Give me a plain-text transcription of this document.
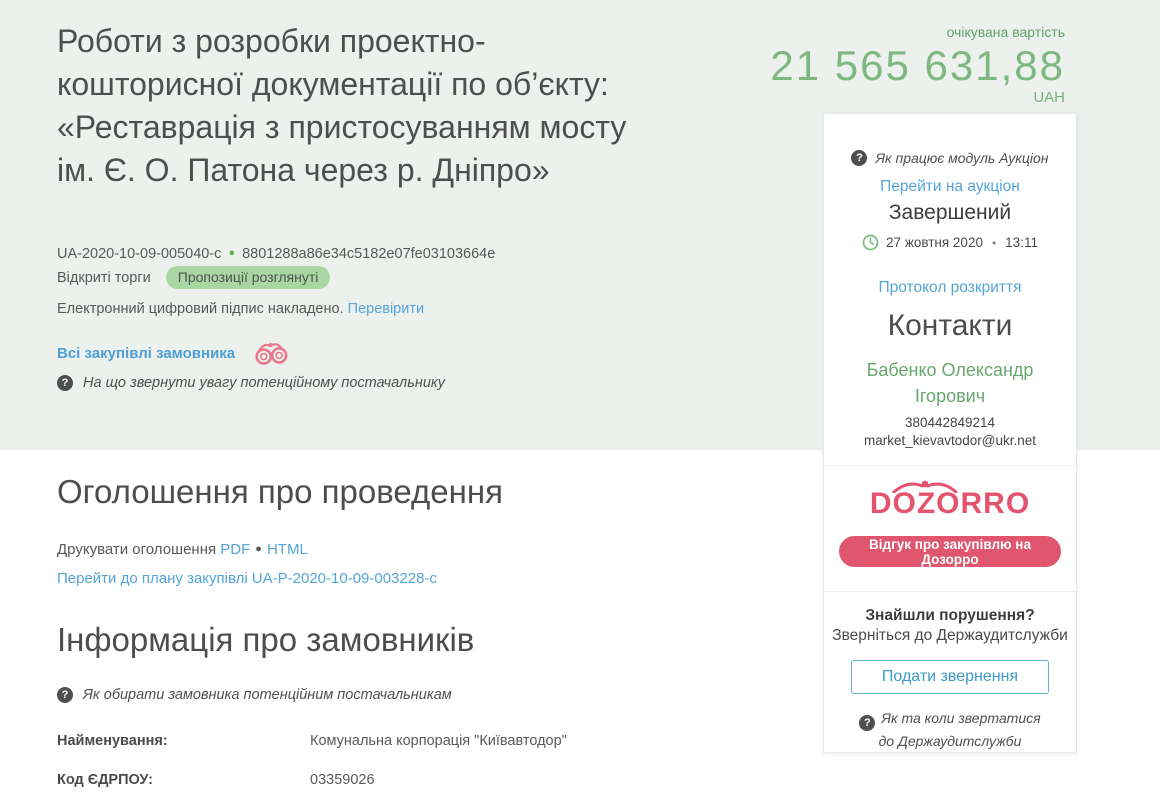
Роботи з розробки проектно-кошторисної документації по об’єкту: «Реставрація з пристосуванням мосту ім. Є. О. Патона через р. Дніпро»
очікувана вартість
21 565 631,88
UAH
UA-2020-10-09-005040-c ● 8801288a86e34c5182e07fe03103664e
Відкриті торги	Пропозиції розглянуті
Електронний цифровий підпис накладено. Перевірити
Всі закупівлі замовника
?	На що звернути увагу потенційному постачальнику
Оголошення про проведення
Друкувати оголошення PDF ● HTML
Перейти до плану закупівлі UA-P-2020-10-09-003228-c
Інформація про замовників
?	Як обирати замовника потенційним постачальникам
Найменування:	Комунальна корпорація "Київавтодор"
Код ЄДРПОУ:	03359026
? Як працює модуль Аукціон
Перейти на аукціон
Завершений
27 жовтня 2020 • 13:11
Протокол розкриття
Контакти
Бабенко Олександр Ігорович
380442849214
market_kievavtodor@ukr.net
DOZORRO
Відгук про закупівлю на Дозорро
Знайшли порушення?
Зверніться до Держаудитслужби
Подати звернення
? Як та коли звертатися до Держаудитслужби
